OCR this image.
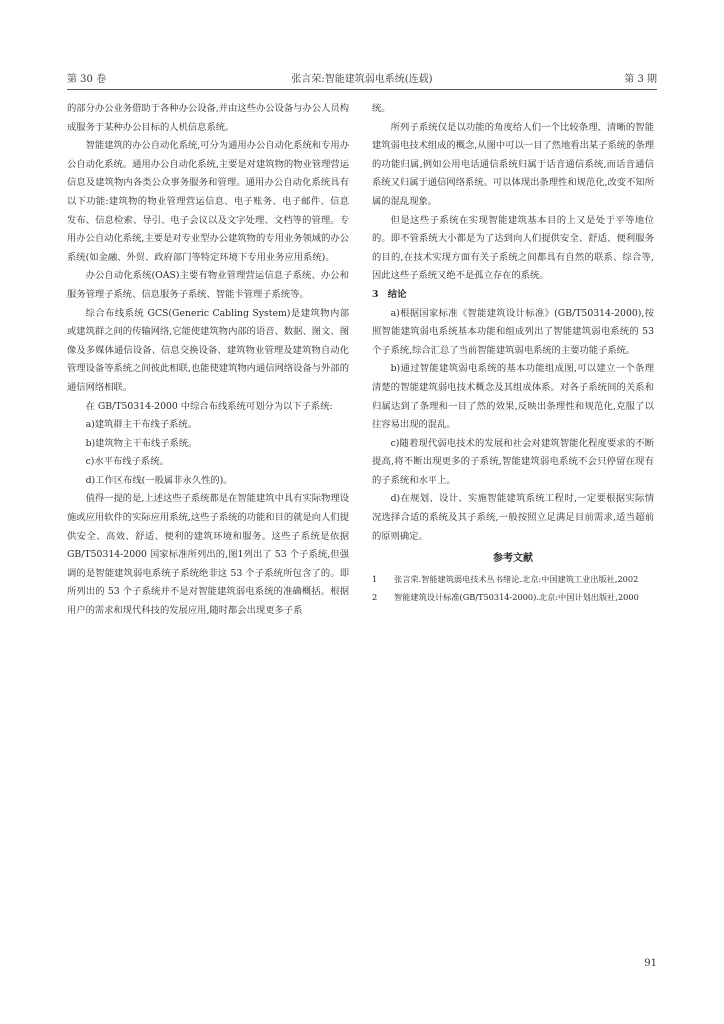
第 30 卷	张言荣:智能建筑弱电系统(连载)	第 3 期

的部分办公业务借助于各种办公设备,并由这些办公设备与办公人员构成服务于某种办公目标的人机信息系统。

智能建筑的办公自动化系统,可分为通用办公自动化系统和专用办公自动化系统。通用办公自动化系统,主要是对建筑物的物业管理营运信息及建筑物内各类公众事务服务和管理。通用办公自动化系统具有以下功能:建筑物的物业管理营运信息、电子账务、电子邮件、信息发布、信息检索、导引、电子会议以及文字处理、文档等的管理。专用办公自动化系统,主要是对专业型办公建筑物的专用业务领域的办公系统(如金融、外贸、政府部门等特定环境下专用业务应用系统)。

办公自动化系统(OAS)主要有物业管理营运信息子系统、办公和服务管理子系统、信息服务子系统、智能卡管理子系统等。

综合布线系统 GCS(Generic Cabling System)是建筑物内部或建筑群之间的传输网络,它能使建筑物内部的语音、数据、图文、图像及多媒体通信设备、信息交换设备、建筑物业管理及建筑物自动化管理设备等系统之间彼此相联,也能使建筑物内通信网络设备与外部的通信网络相联。

在 GB/T50314-2000 中综合布线系统可划分为以下子系统:

a)建筑群主干布线子系统。

b)建筑物主干布线子系统。

c)水平布线子系统。

d)工作区布线(一般属非永久性的)。

值得一提的是,上述这些子系统都是在智能建筑中具有实际物理设施或应用软件的实际应用系统,这些子系统的功能和目的就是向人们提供安全、高效、舒适、便利的建筑环境和服务。这些子系统是依据 GB/T50314-2000 国家标准所列出的,图1列出了 53 个子系统,但强调的是智能建筑弱电系统子系统绝非这 53 个子系统所包含了的。即所列出的 53 个子系统并不是对智能建筑弱电系统的准确概括。根据用户的需求和现代科技的发展应用,随时都会出现更多子系

统。

所列子系统仅是以功能的角度给人们一个比较条理、清晰的智能建筑弱电技术组成的概念,从图中可以一目了然地看出某子系统的条理的功能归属,例如公用电话通信系统归属于话音通信系统,而话音通信系统又归属于通信网络系统。可以体现出条理性和规范化,改变不知所属的混乱现象。

但是这些子系统在实现智能建筑基本目的上又是处于平等地位的。即不管系统大小都是为了达到向人们提供安全、舒适、便利服务的目的,在技术实现方面有关子系统之间都具有自然的联系、综合等,因此这些子系统又绝不是孤立存在的系统。

3　结论

a)根据国家标准《智能建筑设计标准》(GB/T50314-2000),按照智能建筑弱电系统基本功能和组成列出了智能建筑弱电系统的 53 个子系统,综合汇总了当前智能建筑弱电系统的主要功能子系统。

b)通过智能建筑弱电系统的基本功能组成图,可以建立一个条理清楚的智能建筑弱电技术概念及其组成体系。对各子系统间的关系和归属达到了条理和一目了然的效果,反映出条理性和规范化,克服了以往容易出现的混乱。

c)随着现代弱电技术的发展和社会对建筑智能化程度要求的不断提高,将不断出现更多的子系统,智能建筑弱电系统不会只停留在现有的子系统和水平上。

d)在规划、设计、实施智能建筑系统工程时,一定要根据实际情况选择合适的系统及其子系统,一般按照立足满足目前需求,适当超前的原则确定。

参考文献

1	张言荣.智能建筑弱电技术丛书绪论.北京:中国建筑工业出版社,2002

2	智能建筑设计标准(GB/T50314-2000).北京:中国计划出版社,2000

91
